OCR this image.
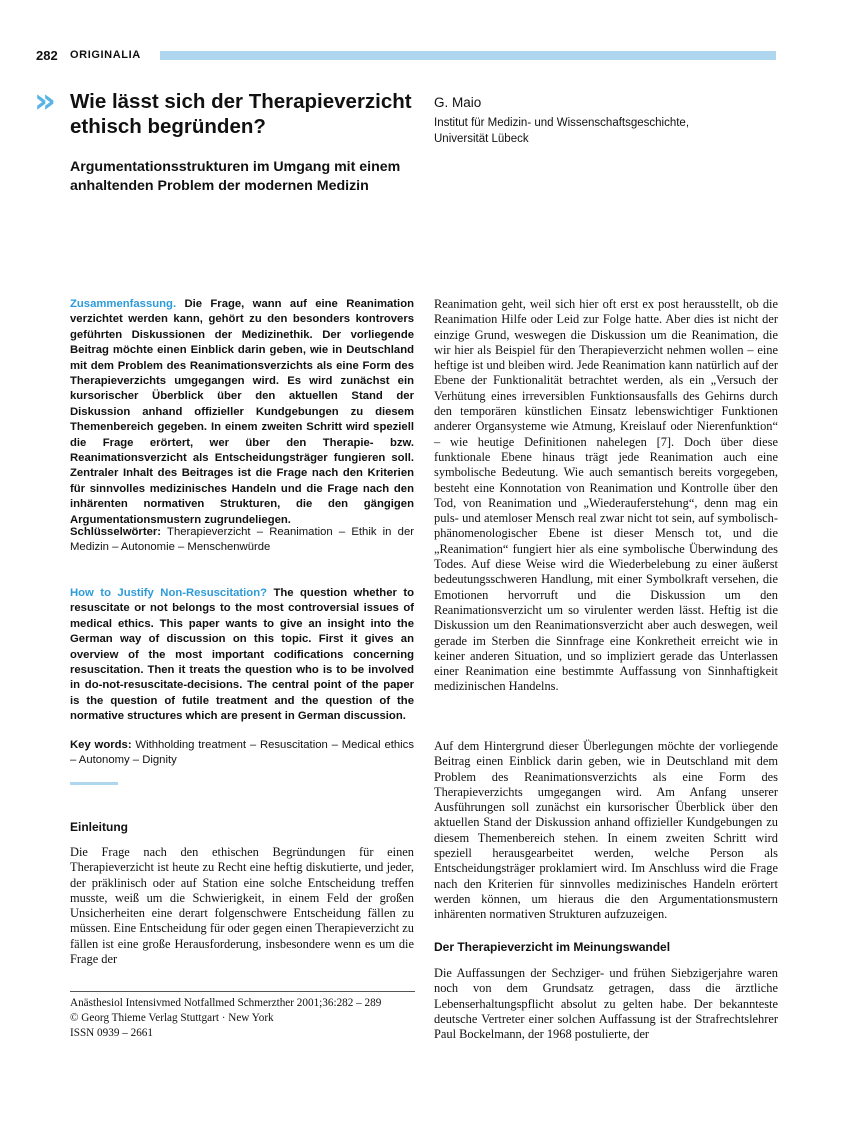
282 ORIGINALIA
» Wie lässt sich der Therapieverzicht ethisch begründen?
Argumentationsstrukturen im Umgang mit einem anhaltenden Problem der modernen Medizin
G. Maio
Institut für Medizin- und Wissenschaftsgeschichte,
Universität Lübeck

Zusammenfassung. Die Frage, wann auf eine Reanimation verzichtet werden kann, gehört zu den besonders kontrovers geführten Diskussionen der Medizinethik. Der vorliegende Beitrag möchte einen Einblick darin geben, wie in Deutschland mit dem Problem des Reanimationsverzichts als eine Form des Therapieverzichts umgegangen wird. Es wird zunächst ein kursorischer Überblick über den aktuellen Stand der Diskussion anhand offizieller Kundgebungen zu diesem Themenbereich gegeben. In einem zweiten Schritt wird speziell die Frage erörtert, wer über den Therapie- bzw. Reanimationsverzicht als Entscheidungsträger fungieren soll. Zentraler Inhalt des Beitrages ist die Frage nach den Kriterien für sinnvolles medizinisches Handeln und die Frage nach den inhärenten normativen Strukturen, die den gängigen Argumentationsmustern zugrundeliegen.

Schlüsselwörter: Therapieverzicht – Reanimation – Ethik in der Medizin – Autonomie – Menschenwürde

How to Justify Non-Resuscitation? The question whether to resuscitate or not belongs to the most controversial issues of medical ethics. This paper wants to give an insight into the German way of discussion on this topic. First it gives an overview of the most important codifications concerning resuscitation. Then it treats the question who is to be involved in do-not-resuscitate-decisions. The central point of the paper is the question of futile treatment and the question of the normative structures which are present in German discussion.

Key words: Withholding treatment – Resuscitation – Medical ethics – Autonomy – Dignity

Einleitung

Die Frage nach den ethischen Begründungen für einen Therapieverzicht ist heute zu Recht eine heftig diskutierte, und jeder, der präklinisch oder auf Station eine solche Entscheidung treffen musste, weiß um die Schwierigkeit, in einem Feld der großen Unsicherheiten eine derart folgenschwere Entscheidung fällen zu müssen. Eine Entscheidung für oder gegen einen Therapieverzicht zu fällen ist eine große Herausforderung, insbesondere wenn es um die Frage der

Reanimation geht, weil sich hier oft erst ex post herausstellt, ob die Reanimation Hilfe oder Leid zur Folge hatte. Aber dies ist nicht der einzige Grund, weswegen die Diskussion um die Reanimation, die wir hier als Beispiel für den Therapieverzicht nehmen wollen – eine heftige ist und bleiben wird. Jede Reanimation kann natürlich auf der Ebene der Funktionalität betrachtet werden, als ein „Versuch der Verhütung eines irreversiblen Funktionsausfalls des Gehirns durch den temporären künstlichen Einsatz lebenswichtiger Funktionen anderer Organsysteme wie Atmung, Kreislauf oder Nierenfunktion“ – wie heutige Definitionen nahelegen [7]. Doch über diese funktionale Ebene hinaus trägt jede Reanimation auch eine symbolische Bedeutung. Wie auch semantisch bereits vorgegeben, besteht eine Konnotation von Reanimation und Kontrolle über den Tod, von Reanimation und „Wiederauferstehung“, denn mag ein puls- und atemloser Mensch real zwar nicht tot sein, auf symbolisch-phänomenologischer Ebene ist dieser Mensch tot, und die „Reanimation“ fungiert hier als eine symbolische Überwindung des Todes. Auf diese Weise wird die Wiederbelebung zu einer äußerst bedeutungsschweren Handlung, mit einer Symbolkraft versehen, die Emotionen hervorruft und die Diskussion um den Reanimationsverzicht um so virulenter werden lässt. Heftig ist die Diskussion um den Reanimationsverzicht aber auch deswegen, weil gerade im Sterben die Sinnfrage eine Konkretheit erreicht wie in keiner anderen Situation, und so impliziert gerade das Unterlassen einer Reanimation eine bestimmte Auffassung von Sinnhaftigkeit medizinischen Handelns.

Auf dem Hintergrund dieser Überlegungen möchte der vorliegende Beitrag einen Einblick darin geben, wie in Deutschland mit dem Problem des Reanimationsverzichts als eine Form des Therapieverzichts umgegangen wird. Am Anfang unserer Ausführungen soll zunächst ein kursorischer Überblick über den aktuellen Stand der Diskussion anhand offizieller Kundgebungen zu diesem Themenbereich stehen. In einem zweiten Schritt wird speziell herausgearbeitet werden, welche Person als Entscheidungsträger proklamiert wird. Im Anschluss wird die Frage nach den Kriterien für sinnvolles medizinisches Handeln erörtert werden können, um hieraus die den Argumentationsmustern inhärenten normativen Strukturen aufzuzeigen.

Der Therapieverzicht im Meinungswandel

Die Auffassungen der Sechziger- und frühen Siebzigerjahre waren noch von dem Grundsatz getragen, dass die ärztliche Lebenserhaltungspflicht absolut zu gelten habe. Der bekannteste deutsche Vertreter einer solchen Auffassung ist der Strafrechtslehrer Paul Bockelmann, der 1968 postulierte, der

Anästhesiol Intensivmed Notfallmed Schmerzther 2001;36:282 – 289
© Georg Thieme Verlag Stuttgart · New York
ISSN 0939 – 2661
